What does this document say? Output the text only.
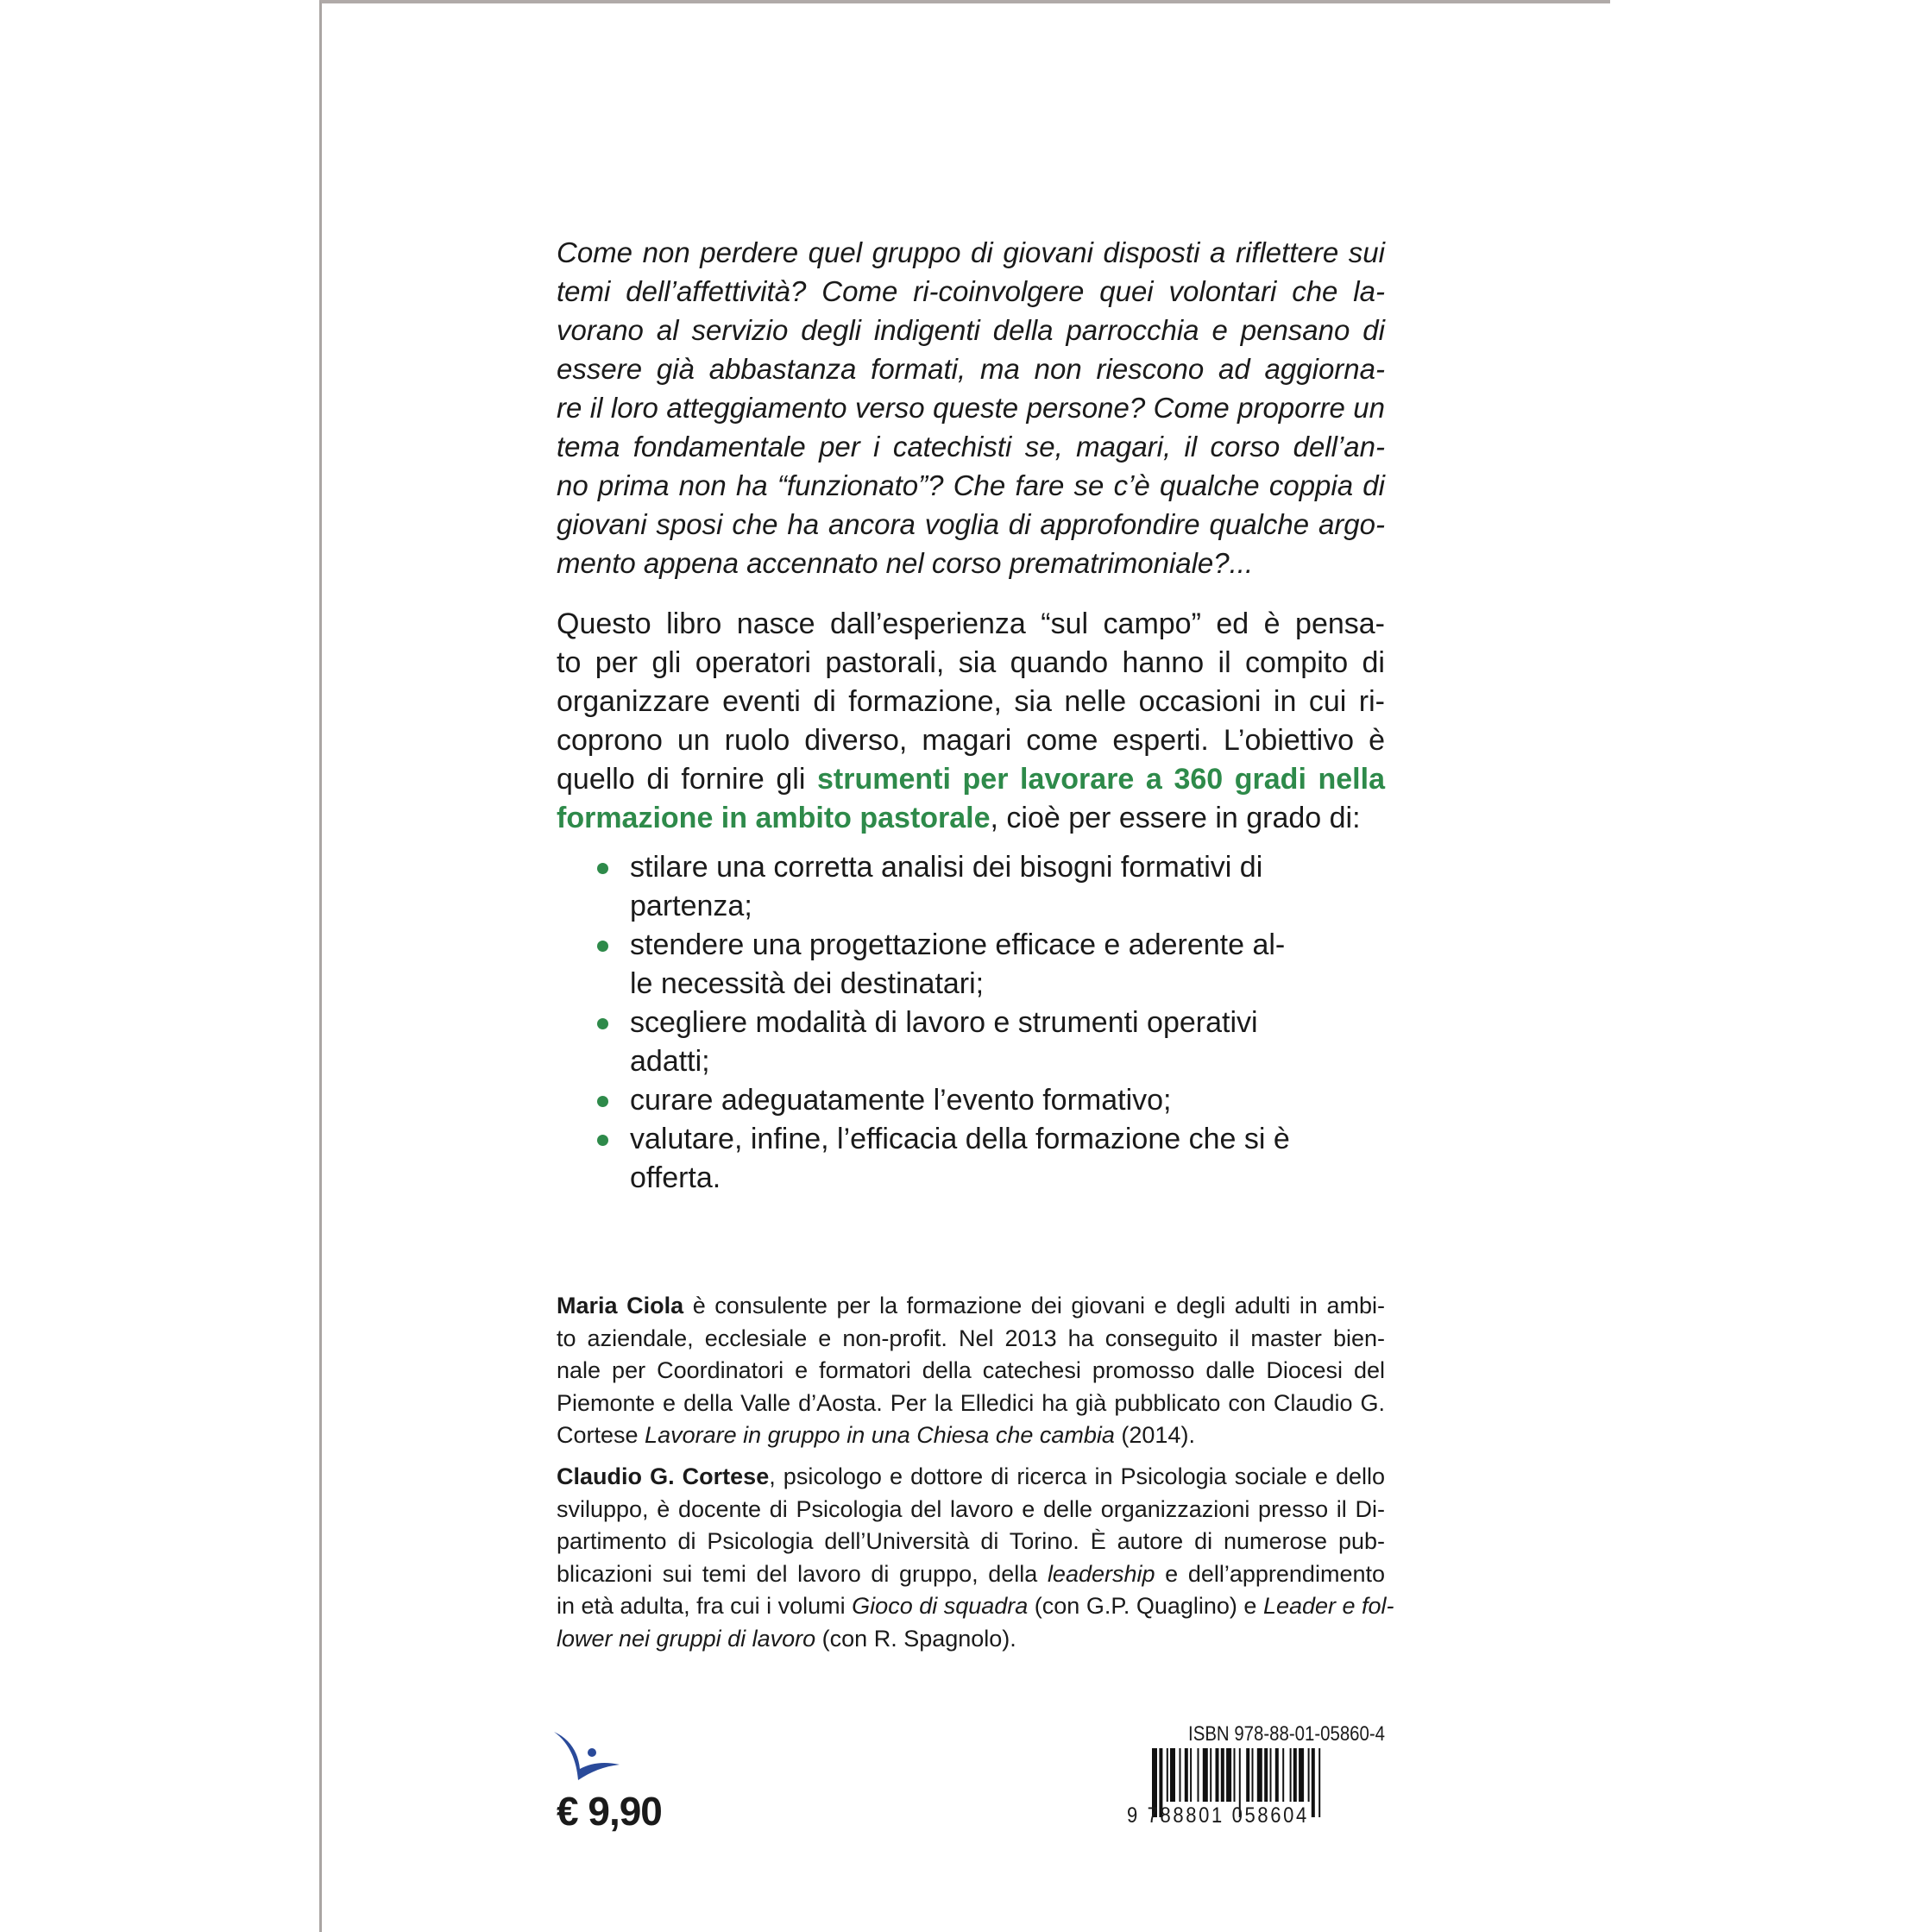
Come non perdere quel gruppo di giovani disposti a riflettere sui
temi dell’affettività? Come ri-coinvolgere quei volontari che la-
vorano al servizio degli indigenti della parrocchia e pensano di
essere già abbastanza formati, ma non riescono ad aggiorna-
re il loro atteggiamento verso queste persone? Come proporre un
tema fondamentale per i catechisti se, magari, il corso dell’an-
no prima non ha “funzionato”? Che fare se c’è qualche coppia di
giovani sposi che ha ancora voglia di approfondire qualche argo-
mento appena accennato nel corso prematrimoniale?...
Questo libro nasce dall’esperienza “sul campo” ed è pensa-
to per gli operatori pastorali, sia quando hanno il compito di
organizzare eventi di formazione, sia nelle occasioni in cui ri-
coprono un ruolo diverso, magari come esperti. L’obiettivo è
quello di fornire gli strumenti per lavorare a 360 gradi nella
formazione in ambito pastorale, cioè per essere in grado di:
stilare una corretta analisi dei bisogni formativi di
partenza;
stendere una progettazione efficace e aderente al-
le necessità dei destinatari;
scegliere modalità di lavoro e strumenti operativi
adatti;
curare adeguatamente l’evento formativo;
valutare, infine, l’efficacia della formazione che si è
offerta.
Maria Ciola è consulente per la formazione dei giovani e degli adulti in ambi-
to aziendale, ecclesiale e non-profit. Nel 2013 ha conseguito il master bien-
nale per Coordinatori e formatori della catechesi promosso dalle Diocesi del
Piemonte e della Valle d’Aosta. Per la Elledici ha già pubblicato con Claudio G.
Cortese Lavorare in gruppo in una Chiesa che cambia (2014).
Claudio G. Cortese, psicologo e dottore di ricerca in Psicologia sociale e dello
sviluppo, è docente di Psicologia del lavoro e delle organizzazioni presso il Di-
partimento di Psicologia dell’Università di Torino. È autore di numerose pub-
blicazioni sui temi del lavoro di gruppo, della leadership e dell’apprendimento
in età adulta, fra cui i volumi Gioco di squadra (con G.P. Quaglino) e Leader e fol-
lower nei gruppi di lavoro (con R. Spagnolo).
€ 9,90
ISBN 978-88-01-05860-4
9 788801 058604
